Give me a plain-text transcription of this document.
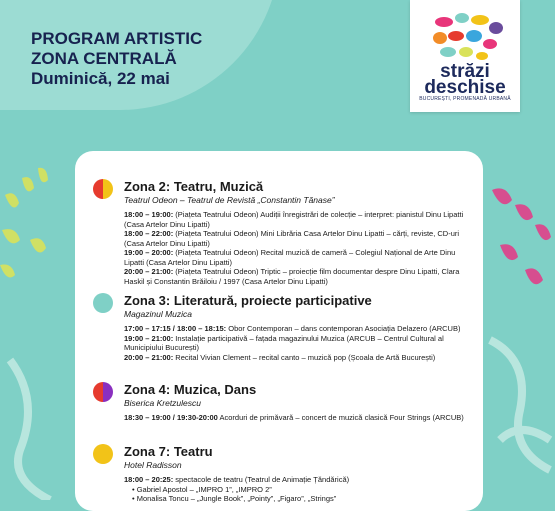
PROGRAM ARTISTIC
ZONA CENTRALĂ
Duminică, 22 mai	străzi
deschise
BUCUREȘTI, PROMENADĂ URBANĂ
Zona 2: Teatru, Muzică
Teatrul Odeon – Teatrul de Revistă „Constantin Tănase”

18:00 – 19:00: (Piațeta Teatrului Odeon) Audiții înregistrări de colecție – interpret: pianistul Dinu Lipatti (Casa Artelor Dinu Lipatti)

18:00 – 22:00: (Piațeta Teatrului Odeon) Mini Librăria Casa Artelor Dinu Lipatti – cărți, reviste, CD-uri (Casa Artelor Dinu Lipatti)

19:00 – 20:00: (Piațeta Teatrului Odeon) Recital muzică de cameră – Colegiul Național de Arte Dinu Lipatti (Casa Artelor Dinu Lipatti)

20:00 – 21:00: (Piațeta Teatrului Odeon) Triptic – proiecție film documentar despre Dinu Lipatti, Clara Haskil și Constantin Brăiloiu / 1997 (Casa Artelor Dinu Lipatti)

Zona 3: Literatură, proiecte participative
Magazinul Muzica

17:00 – 17:15 / 18:00 – 18:15: Obor Contemporan – dans contemporan Asociația Delazero (ARCUB)

19:00 – 21:00: Instalație participativă – fațada magazinului Muzica (ARCUB – Centrul Cultural al Municipiului București)

20:00 – 21:00: Recital Vivian Clement – recital canto – muzică pop (Școala de Artă București)

Zona 4: Muzica, Dans
Biserica Kretzulescu

18:30 – 19:00 / 19:30-20:00 Acorduri de primăvară – concert de muzică clasică Four Strings (ARCUB)

Zona 7: Teatru
Hotel Radisson

18:00 – 20:25: spectacole de teatru (Teatrul de Animație Țăndărică)

• Gabriel Apostol – „IMPRO 1”, „IMPRO 2”

• Monalisa Toncu – „Jungle Book”, „Pointy”, „Figaro”, „Strings”
